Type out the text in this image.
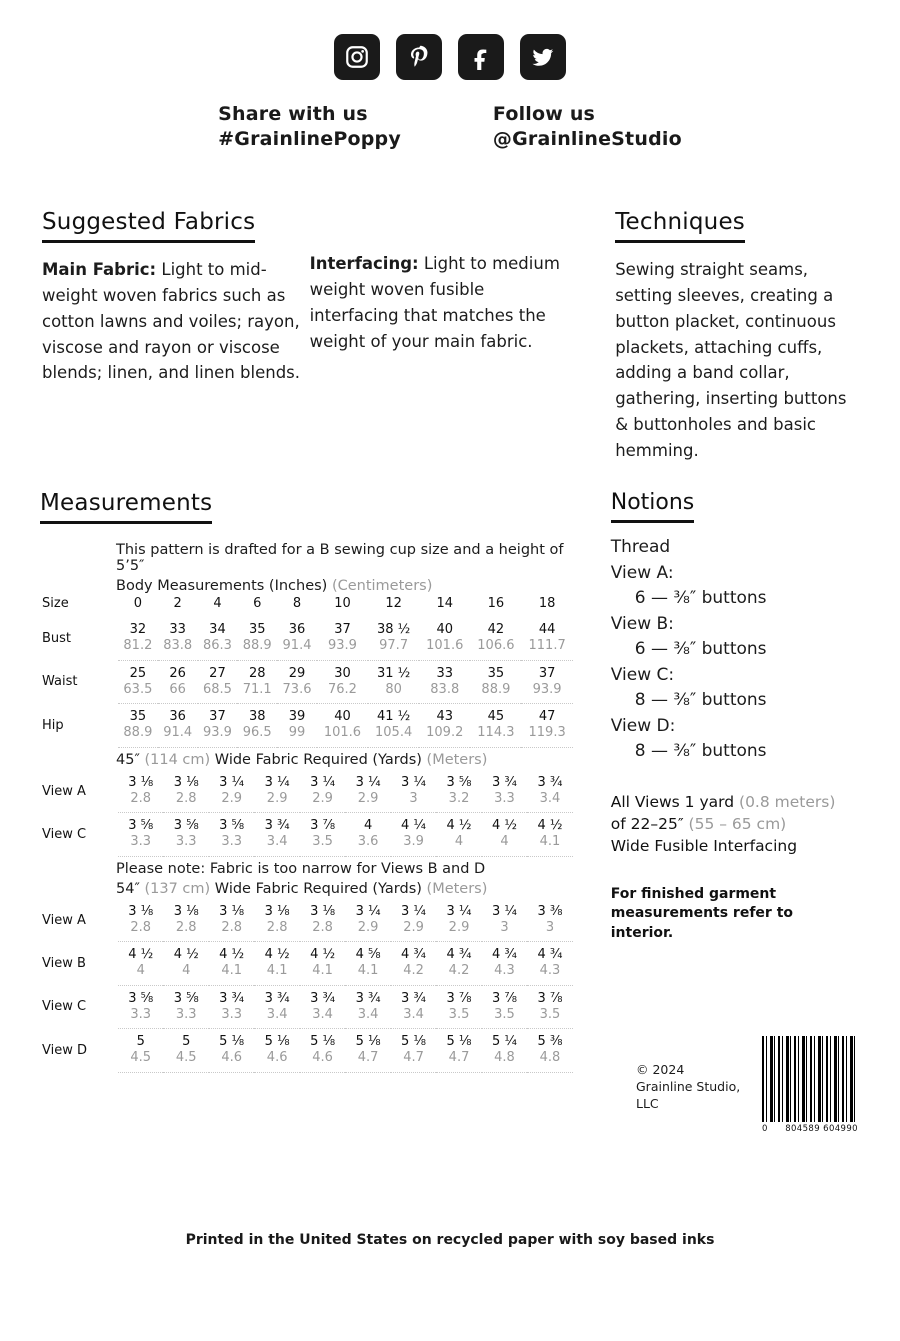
Share with us
#GrainlinePoppy
Follow us
@GrainlineStudio
Suggested Fabrics
Main Fabric: Light to mid-weight woven fabrics such as cotton lawns and voiles; rayon, viscose and rayon or viscose blends; linen, and linen blends.
Interfacing: Light to medium weight woven fusible interfacing that matches the weight of your main fabric.
Techniques
Sewing straight seams, setting sleeves, creating a button placket, continuous plackets, attaching cuffs, adding a band collar, gathering, inserting buttons & buttonholes and basic hemming.
Measurements
This pattern is drafted for a B sewing cup size and a height of 5’5″
Body Measurements (Inches) (Centimeters)
Size	0	2	4	6	8	10	12	14	16	18
Bust	32	33	34	35	36	37	38 ½	40	42	44
	81.2	83.8	86.3	88.9	91.4	93.9	97.7	101.6	106.6	111.7
Waist	25	26	27	28	29	30	31 ½	33	35	37
	63.5	66	68.5	71.1	73.6	76.2	80	83.8	88.9	93.9
Hip	35	36	37	38	39	40	41 ½	43	45	47
	88.9	91.4	93.9	96.5	99	101.6	105.4	109.2	114.3	119.3
45″ (114 cm) Wide Fabric Required (Yards) (Meters)
View A	3 ⅛	3 ⅛	3 ¼	3 ¼	3 ¼	3 ¼	3 ¼	3 ⅝	3 ¾	3 ¾
	2.8	2.8	2.9	2.9	2.9	2.9	3	3.2	3.3	3.4
View C	3 ⅝	3 ⅝	3 ⅝	3 ¾	3 ⅞	4	4 ¼	4 ½	4 ½	4 ½
	3.3	3.3	3.3	3.4	3.5	3.6	3.9	4	4	4.1
Please note: Fabric is too narrow for Views B and D
54″ (137 cm) Wide Fabric Required (Yards) (Meters)
View A	3 ⅛	3 ⅛	3 ⅛	3 ⅛	3 ⅛	3 ¼	3 ¼	3 ¼	3 ¼	3 ⅜
	2.8	2.8	2.8	2.8	2.8	2.9	2.9	2.9	3	3
View B	4 ½	4 ½	4 ½	4 ½	4 ½	4 ⅝	4 ¾	4 ¾	4 ¾	4 ¾
	4	4	4.1	4.1	4.1	4.1	4.2	4.2	4.3	4.3
View C	3 ⅝	3 ⅝	3 ¾	3 ¾	3 ¾	3 ¾	3 ¾	3 ⅞	3 ⅞	3 ⅞
	3.3	3.3	3.3	3.4	3.4	3.4	3.4	3.5	3.5	3.5
View D	5	5	5 ⅛	5 ⅛	5 ⅛	5 ⅛	5 ⅛	5 ⅛	5 ¼	5 ⅜
	4.5	4.5	4.6	4.6	4.6	4.7	4.7	4.7	4.8	4.8
Notions
Thread
View A:
6 — ⅜″ buttons
View B:
6 — ⅜″ buttons
View C:
8 — ⅜″ buttons
View D:
8 — ⅜″ buttons
All Views 1 yard (0.8 meters)
of 22–25″ (55 – 65 cm)
Wide Fusible Interfacing
For finished garment measurements refer to interior.
© 2024
Grainline Studio,
LLC
0 804589 604990
Printed in the United States on recycled paper with soy based inks
